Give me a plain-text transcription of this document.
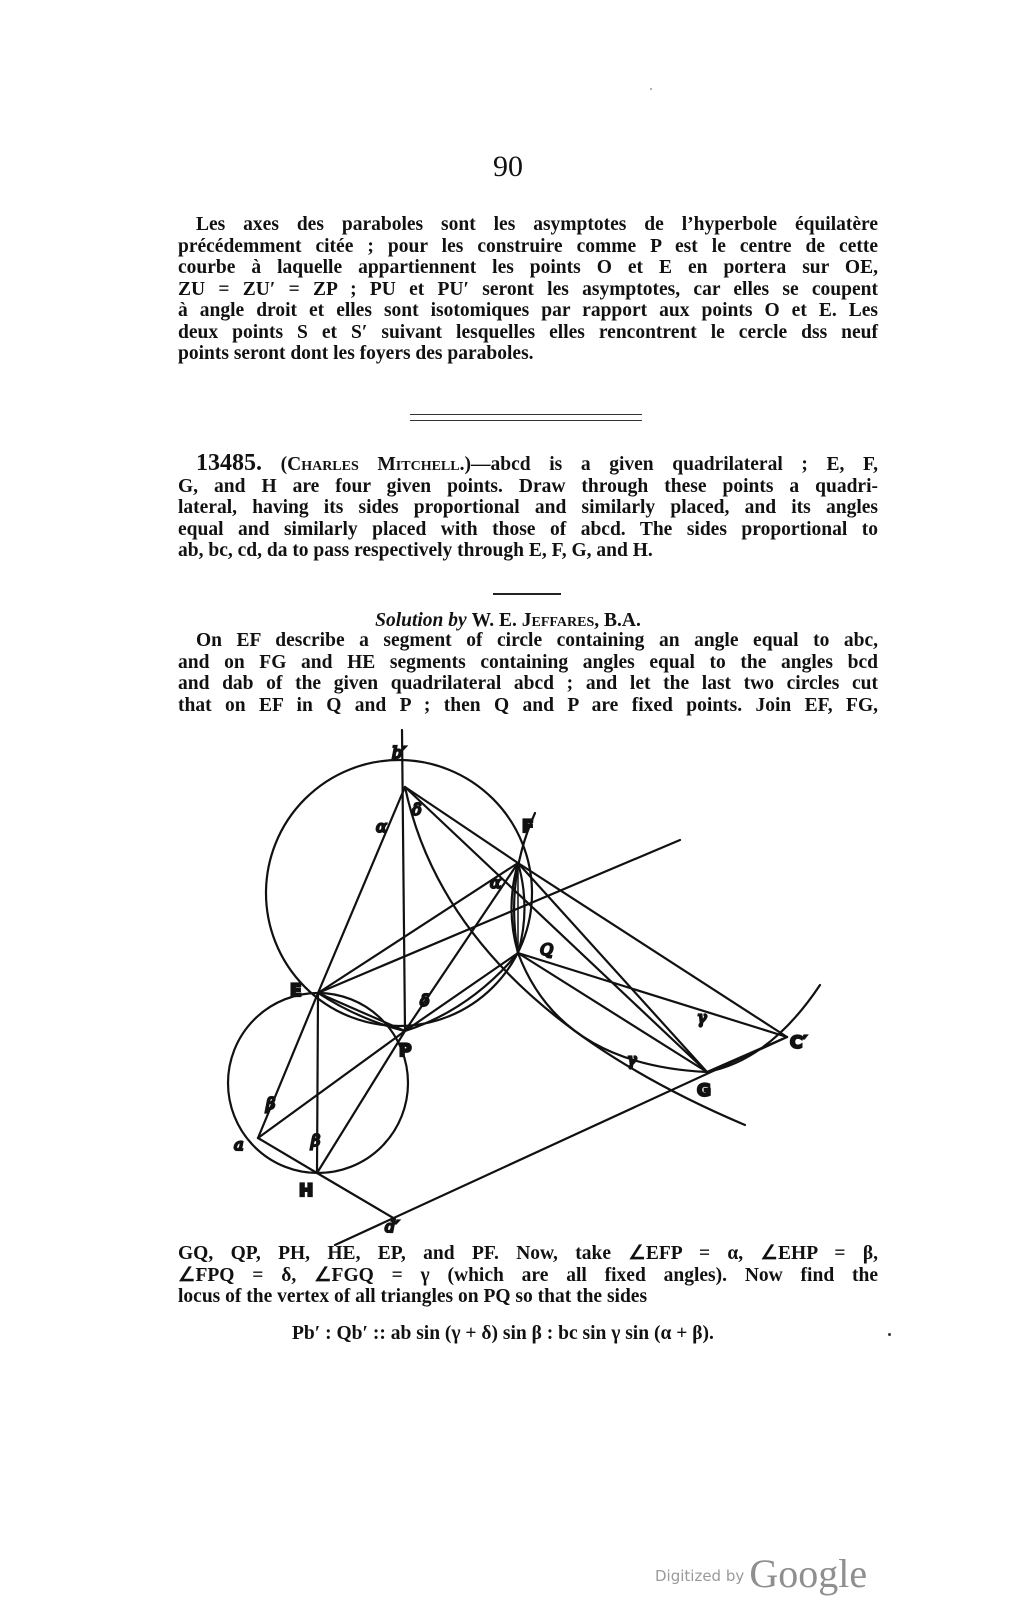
90
Les axes des paraboles sont les asymptotes de l’hyperbole équilatère
précédemment citée ; pour les construire comme P est le centre de cette
courbe à laquelle appartiennent les points O et E en portera sur OE,
ZU = ZU′ = ZP ; PU et PU′ seront les asymptotes, car elles se coupent
à angle droit et elles sont isotomiques par rapport aux points O et E. Les
deux points S et S′ suivant lesquelles elles rencontrent le cercle dss neuf
points seront dont les foyers des paraboles.
13485. (Charles Mitchell.)—abcd is a given quadrilateral ; E, F,
G, and H are four given points. Draw through these points a quadri-
lateral, having its sides proportional and similarly placed, and its angles
equal and similarly placed with those of abcd. The sides proportional to
ab, bc, cd, da to pass respectively through E, F, G, and H.
Solution by W. E. Jeffares, B.A.
On EF describe a segment of circle containing an angle equal to abc,
and on FG and HE segments containing angles equal to the angles bcd
and dab of the given quadrilateral abcd ; and let the last two circles cut
that on EF in Q and P ; then Q and P are fixed points. Join EF, FG,
b′
F
Q
E
P
G
C′
a
H
d′
α
α
δ
δ
β
β
γ
γ
GQ, QP, PH, HE, EP, and PF. Now, take ∠EFP = α, ∠EHP = β,
∠FPQ = δ, ∠FGQ = γ (which are all fixed angles). Now find the
locus of the vertex of all triangles on PQ so that the sides
Pb′ : Qb′ :: ab sin (γ + δ) sin β : bc sin γ sin (α + β).
Digitized by Google
